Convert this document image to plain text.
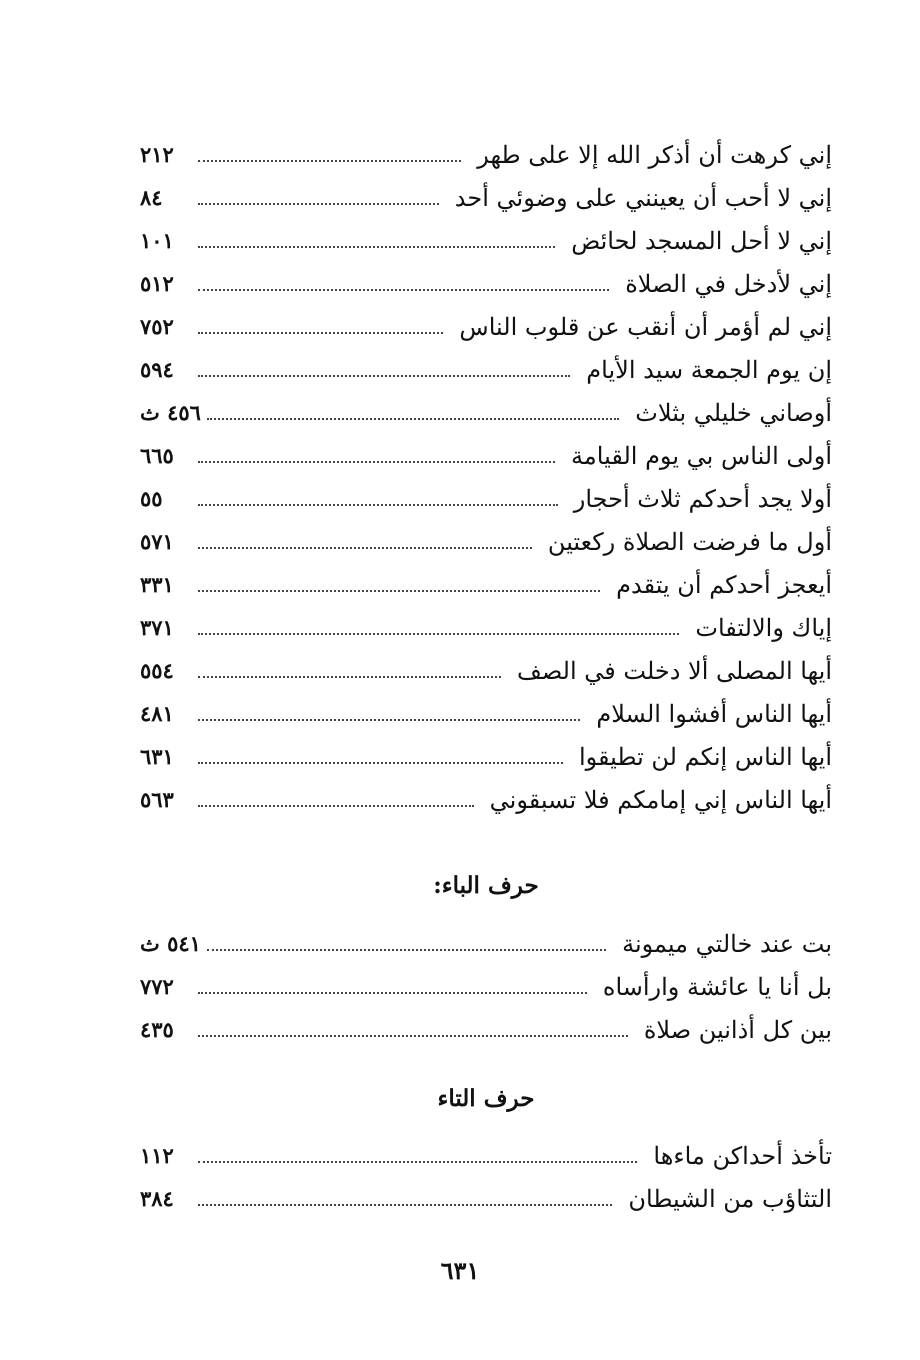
إني كرهت أن أذكر الله إلا على طهر
٢١٢
إني لا أحب أن يعينني على وضوئي أحد
٨٤
إني لا أحل المسجد لحائض
١٠١
إني لأدخل في الصلاة
٥١٢
إني لم أؤمر أن أنقب عن قلوب الناس
٧٥٢
إن يوم الجمعة سيد الأيام
٥٩٤
أوصاني خليلي بثلاث
٤٥٦ ث
أولى الناس بي يوم القيامة
٦٦٥
أولا يجد أحدكم ثلاث أحجار
٥٥
أول ما فرضت الصلاة ركعتين
٥٧١
أيعجز أحدكم أن يتقدم
٣٣١
إياك والالتفات
٣٧١
أيها المصلى ألا دخلت في الصف
٥٥٤
أيها الناس أفشوا السلام
٤٨١
أيها الناس إنكم لن تطيقوا
٦٣١
أيها الناس إني إمامكم فلا تسبقوني
٥٦٣
حرف الباء:
بت عند خالتي ميمونة
٥٤١ ث
بل أنا يا عائشة وارأساه
٧٧٢
بين كل أذانين صلاة
٤٣٥
حرف التاء
تأخذ أحداكن ماءها
١١٢
التثاؤب من الشيطان
٣٨٤
٦٣١
